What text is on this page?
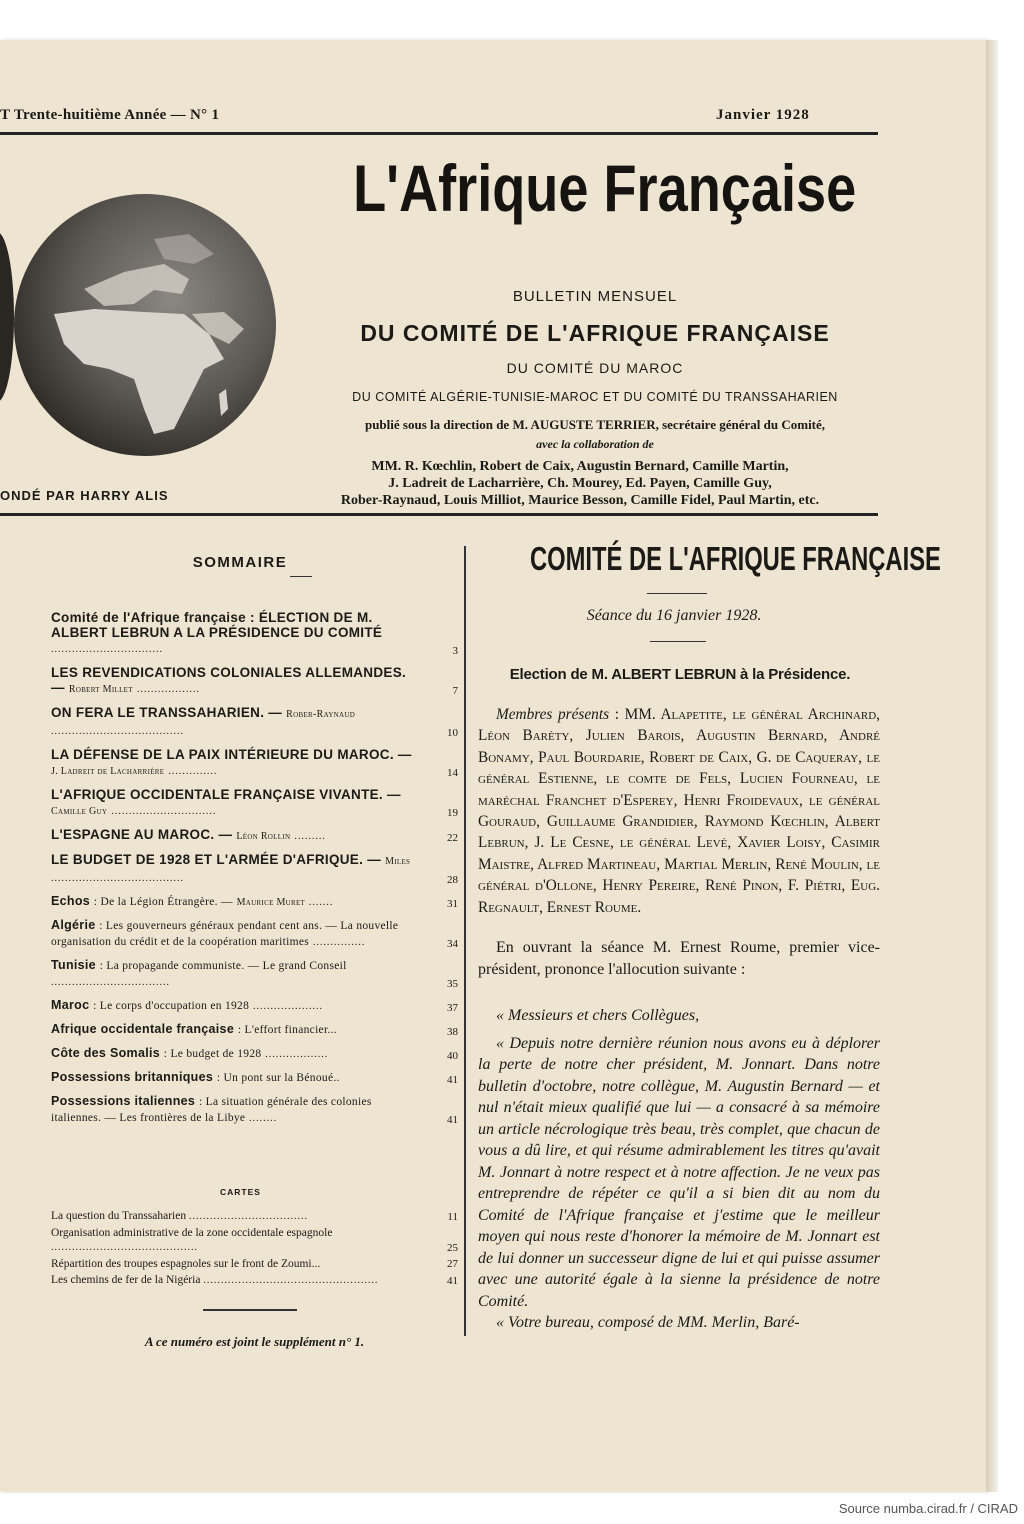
T Trente-huitième Année — N° 1	Janvier 1928
L'Afrique Française
BULLETIN MENSUEL
DU COMITÉ DE L'AFRIQUE FRANÇAISE
DU COMITÉ DU MAROC
DU COMITÉ ALGÉRIE-TUNISIE-MAROC ET DU COMITÉ DU TRANSSAHARIEN
publié sous la direction de M. AUGUSTE TERRIER, secrétaire général du Comité,
avec la collaboration de
MM. R. Kœchlin, Robert de Caix, Augustin Bernard, Camille Martin,
J. Ladreit de Lacharrière, Ch. Mourey, Ed. Payen, Camille Guy,
Rober-Raynaud, Louis Milliot, Maurice Besson, Camille Fidel, Paul Martin, etc.
ONDÉ PAR HARRY ALIS
SOMMAIRE
Comité de l'Afrique française : ÉLECTION DE M. ALBERT LEBRUN A LA PRÉSIDENCE DU COMITÉ ................................	3
LES REVENDICATIONS COLONIALES ALLEMANDES. — Robert Millet ..................	7
ON FERA LE TRANSSAHARIEN. — Rober-Raynaud ......................................	10
LA DÉFENSE DE LA PAIX INTÉRIEURE DU MAROC. — J. Ladreit de Lacharrière ..............	14
L'AFRIQUE OCCIDENTALE FRANÇAISE VIVANTE. — Camille Guy ..............................	19
L'ESPAGNE AU MAROC. — Léon Rollin .........	22
LE BUDGET DE 1928 ET L'ARMÉE D'AFRIQUE. — Miles ......................................	28
Echos : De la Légion Étrangère. — Maurice Muret .......	31
Algérie : Les gouverneurs généraux pendant cent ans. — La nouvelle organisation du crédit et de la coopération maritimes ...............	34
Tunisie : La propagande communiste. — Le grand Conseil ..................................	35
Maroc : Le corps d'occupation en 1928 ....................	37
Afrique occidentale française : L'effort financier...	38
Côte des Somalis : Le budget de 1928 ..................	40
Possessions britanniques : Un pont sur la Bénoué..	41
Possessions italiennes : La situation générale des colonies italiennes. — Les frontières de la Libye ........	41
CARTES
La question du Transsaharien ..................................	11
Organisation administrative de la zone occidentale espagnole ..........................................	25
Répartition des troupes espagnoles sur le front de Zoumi...	27
Les chemins de fer de la Nigéria ..................................................	41
A ce numéro est joint le supplément n° 1.
COMITÉ DE L'AFRIQUE FRANÇAISE
Séance du 16 janvier 1928.
Election de M. ALBERT LEBRUN à la Présidence.
Membres présents : MM. Alapetite, le général Archinard, Léon Barèty, Julien Barois, Augustin Bernard, André Bonamy, Paul Bourdarie, Robert de Caix, G. de Caqueray, le général Estienne, le comte de Fels, Lucien Fourneau, le maréchal Franchet d'Esperey, Henri Froidevaux, le général Gouraud, Guillaume Grandidier, Raymond Kœchlin, Albert Lebrun, J. Le Cesne, le général Levé, Xavier Loisy, Casimir Maistre, Alfred Martineau, Martial Merlin, René Moulin, le général d'Ollone, Henry Pereire, René Pinon, F. Piétri, Eug. Regnault, Ernest Roume.
En ouvrant la séance M. Ernest Roume, premier vice-président, prononce l'allocution suivante :

« Messieurs et chers Collègues,

« Depuis notre dernière réunion nous avons eu à déplorer la perte de notre cher président, M. Jonnart. Dans notre bulletin d'octobre, notre collègue, M. Augustin Bernard — et nul n'était mieux qualifié que lui — a consacré à sa mémoire un article nécrologique très beau, très complet, que chacun de vous a dû lire, et qui résume admirablement les titres qu'avait M. Jonnart à notre respect et à notre affection. Je ne veux pas entreprendre de répéter ce qu'il a si bien dit au nom du Comité de l'Afrique française et j'estime que le meilleur moyen qui nous reste d'honorer la mémoire de M. Jonnart est de lui donner un successeur digne de lui et qui puisse assumer avec une autorité égale à la sienne la présidence de notre Comité.

« Votre bureau, composé de MM. Merlin, Baré-

Source numba.cirad.fr / CIRAD
